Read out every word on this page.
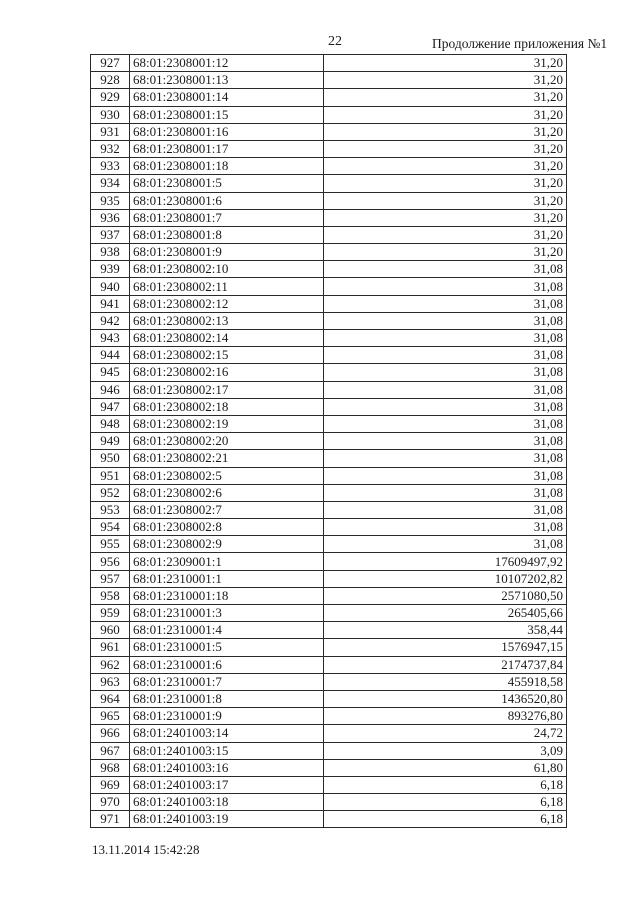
22	Продолжение приложения №1
927	68:01:2308001:12	31,20
928	68:01:2308001:13	31,20
929	68:01:2308001:14	31,20
930	68:01:2308001:15	31,20
931	68:01:2308001:16	31,20
932	68:01:2308001:17	31,20
933	68:01:2308001:18	31,20
934	68:01:2308001:5	31,20
935	68:01:2308001:6	31,20
936	68:01:2308001:7	31,20
937	68:01:2308001:8	31,20
938	68:01:2308001:9	31,20
939	68:01:2308002:10	31,08
940	68:01:2308002:11	31,08
941	68:01:2308002:12	31,08
942	68:01:2308002:13	31,08
943	68:01:2308002:14	31,08
944	68:01:2308002:15	31,08
945	68:01:2308002:16	31,08
946	68:01:2308002:17	31,08
947	68:01:2308002:18	31,08
948	68:01:2308002:19	31,08
949	68:01:2308002:20	31,08
950	68:01:2308002:21	31,08
951	68:01:2308002:5	31,08
952	68:01:2308002:6	31,08
953	68:01:2308002:7	31,08
954	68:01:2308002:8	31,08
955	68:01:2308002:9	31,08
956	68:01:2309001:1	17609497,92
957	68:01:2310001:1	10107202,82
958	68:01:2310001:18	2571080,50
959	68:01:2310001:3	265405,66
960	68:01:2310001:4	358,44
961	68:01:2310001:5	1576947,15
962	68:01:2310001:6	2174737,84
963	68:01:2310001:7	455918,58
964	68:01:2310001:8	1436520,80
965	68:01:2310001:9	893276,80
966	68:01:2401003:14	24,72
967	68:01:2401003:15	3,09
968	68:01:2401003:16	61,80
969	68:01:2401003:17	6,18
970	68:01:2401003:18	6,18
971	68:01:2401003:19	6,18
13.11.2014 15:42:28
